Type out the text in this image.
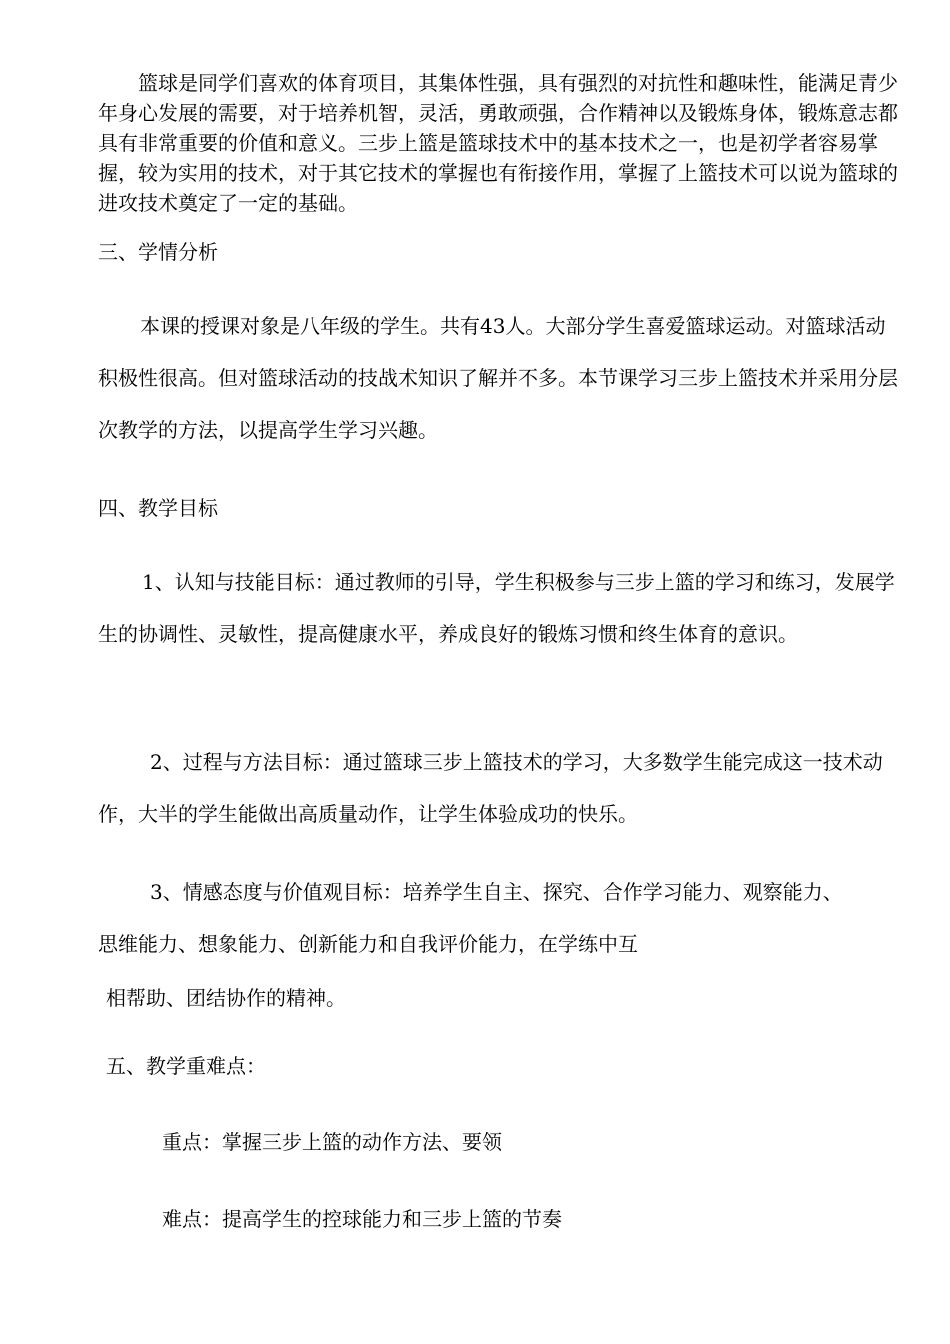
篮球是同学们喜欢的体育项目，其集体性强，具有强烈的对抗性和趣味性，能满足青少年身心发展的需要，对于培养机智，灵活，勇敢顽强，合作精神以及锻炼身体，锻炼意志都具有非常重要的价值和意义。三步上篮是篮球技术中的基本技术之一，也是初学者容易掌握，较为实用的技术，对于其它技术的掌握也有衔接作用，掌握了上篮技术可以说为篮球的进攻技术奠定了一定的基础。

三、学情分析

本课的授课对象是八年级的学生。共有43人。大部分学生喜爱篮球运动。对篮球活动积极性很高。但对篮球活动的技战术知识了解并不多。本节课学习三步上篮技术并采用分层次教学的方法，以提高学生学习兴趣。

四、教学目标

1、认知与技能目标：通过教师的引导，学生积极参与三步上篮的学习和练习，发展学生的协调性、灵敏性，提高健康水平，养成良好的锻炼习惯和终生体育的意识。

2、过程与方法目标：通过篮球三步上篮技术的学习，大多数学生能完成这一技术动作，大半的学生能做出高质量动作，让学生体验成功的快乐。

3、情感态度与价值观目标：培养学生自主、探究、合作学习能力、观察能力、

思维能力、想象能力、创新能力和自我评价能力，在学练中互

相帮助、团结协作的精神。

五、教学重难点：

重点：掌握三步上篮的动作方法、要领

难点：提高学生的控球能力和三步上篮的节奏
